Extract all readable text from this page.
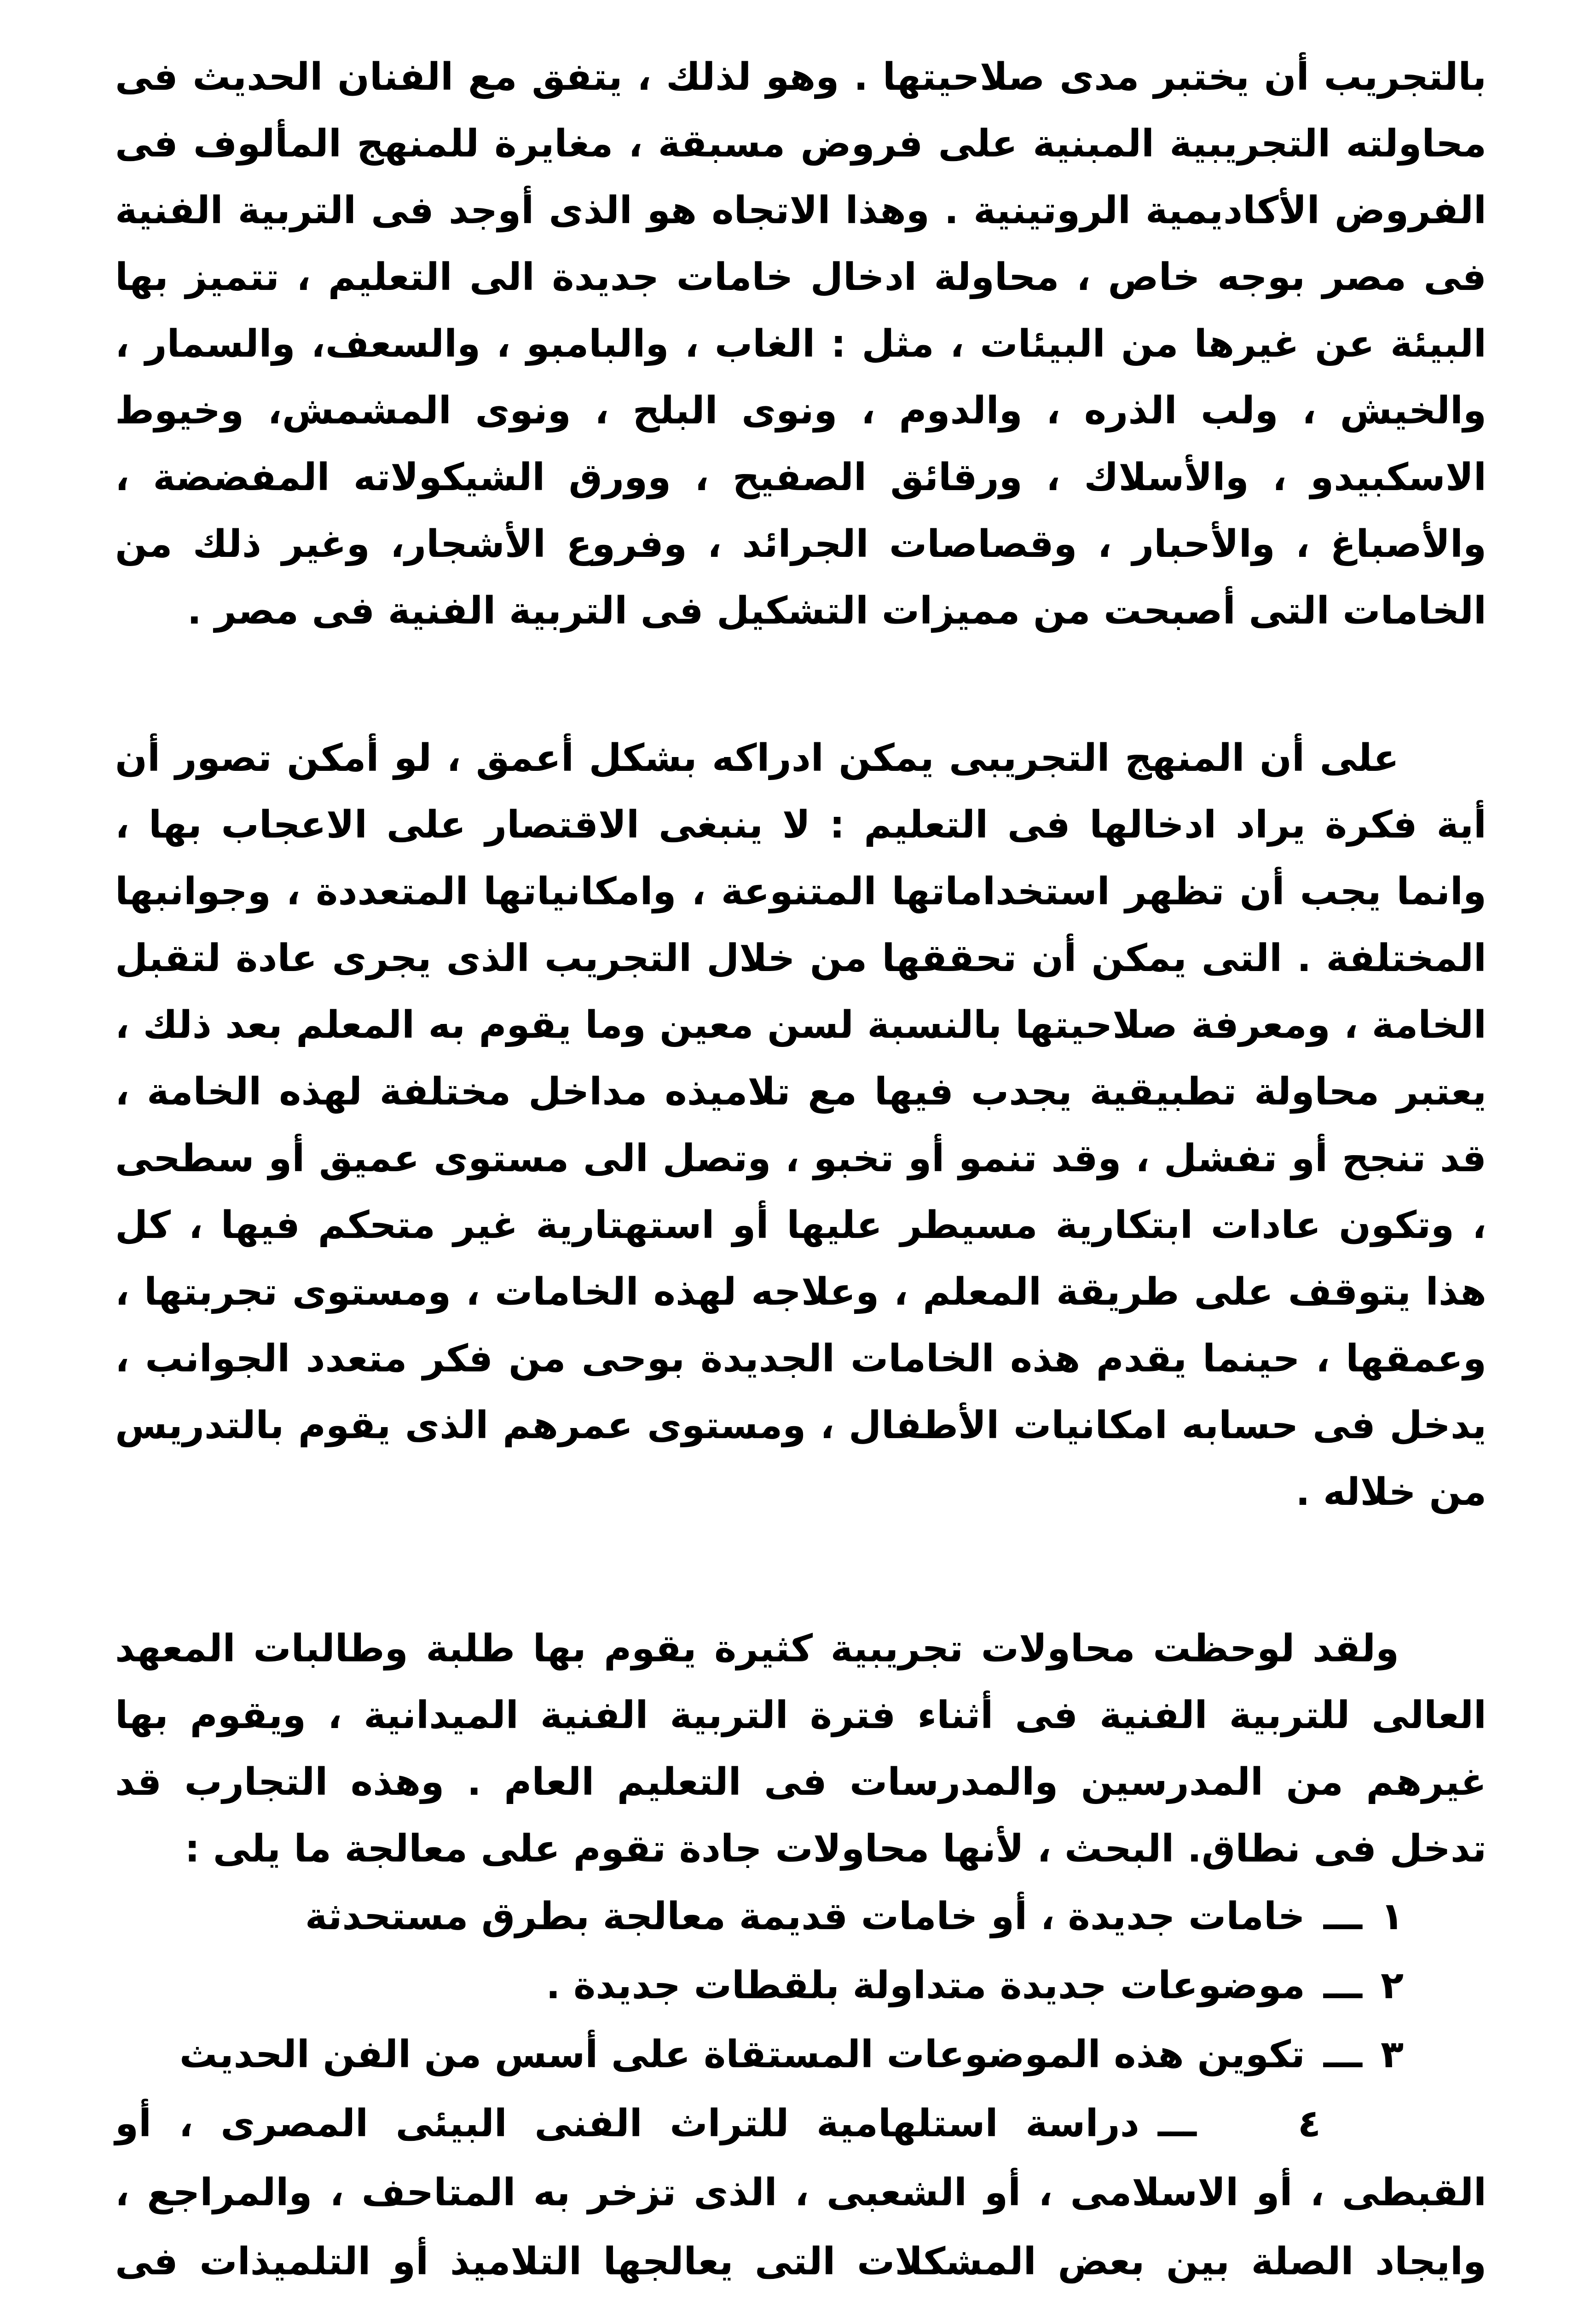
بالتجريب أن يختبر مدى صلاحيتها . وهو لذلك ، يتفق مع الفنان الحديث فى محاولته التجريبية المبنية على فروض مسبقة ، مغايرة للمنهج المألوف فى الفروض الأكاديمية الروتينية . وهذا الاتجاه هو الذى أوجد فى التربية الفنية فى مصر بوجه خاص ، محاولة ادخال خامات جديدة الى التعليم ، تتميز بها البيئة عن غيرها من البيئات ، مثل : الغاب ، والبامبو ، والسعف، والسمار ، والخيش ، ولب الذره ، والدوم ، ونوى البلح ، ونوى المشمش، وخيوط الاسكبيدو ، والأسلاك ، ورقائق الصفيح ، وورق الشيكولاته المفضضة ، والأصباغ ، والأحبار ، وقصاصات الجرائد ، وفروع الأشجار، وغير ذلك من الخامات التى أصبحت من مميزات التشكيل فى التربية الفنية فى مصر .

على أن المنهج التجريبى يمكن ادراكه بشكل أعمق ، لو أمكن تصور أن أية فكرة يراد ادخالها فى التعليم : لا ينبغى الاقتصار على الاعجاب بها ، وانما يجب أن تظهر استخداماتها المتنوعة ، وامكانياتها المتعددة ، وجوانبها المختلفة . التى يمكن أن تحققها من خلال التجريب الذى يجرى عادة لتقبل الخامة ، ومعرفة صلاحيتها بالنسبة لسن معين وما يقوم به المعلم بعد ذلك ، يعتبر محاولة تطبيقية يجدب فيها مع تلاميذه مداخل مختلفة لهذه الخامة ، قد تنجح أو تفشل ، وقد تنمو أو تخبو ، وتصل الى مستوى عميق أو سطحى ، وتكون عادات ابتكارية مسيطر عليها أو استهتارية غير متحكم فيها ، كل هذا يتوقف على طريقة المعلم ، وعلاجه لهذه الخامات ، ومستوى تجربتها ، وعمقها ، حينما يقدم هذه الخامات الجديدة بوحى من فكر متعدد الجوانب ، يدخل فى حسابه امكانيات الأطفال ، ومستوى عمرهم الذى يقوم بالتدريس من خلاله .

ولقد لوحظت محاولات تجريبية كثيرة يقوم بها طلبة وطالبات المعهد العالى للتربية الفنية فى أثناء فترة التربية الفنية الميدانية ، ويقوم بها غيرهم من المدرسين والمدرسات فى التعليم العام . وهذه التجارب قد تدخل فى نطاق. البحث ، لأنها محاولات جادة تقوم على معالجة ما يلى :

١ـــخامات جديدة ، أو خامات قديمة معالجة بطرق مستحدثة
٢ـــموضوعات جديدة متداولة بلقطات جديدة .
٣ـــتكوين هذه الموضوعات المستقاة على أسس من الفن الحديث
٤ـــدراسة استلهامية للتراث الفنى البيئى المصرى ، أو القبطى ، أو الاسلامى ، أو الشعبى ، الذى تزخر به المتاحف ، والمراجع ، وايجاد الصلة بين بعض المشكلات التى يعالجها التلاميذ أو التلميذات فى
